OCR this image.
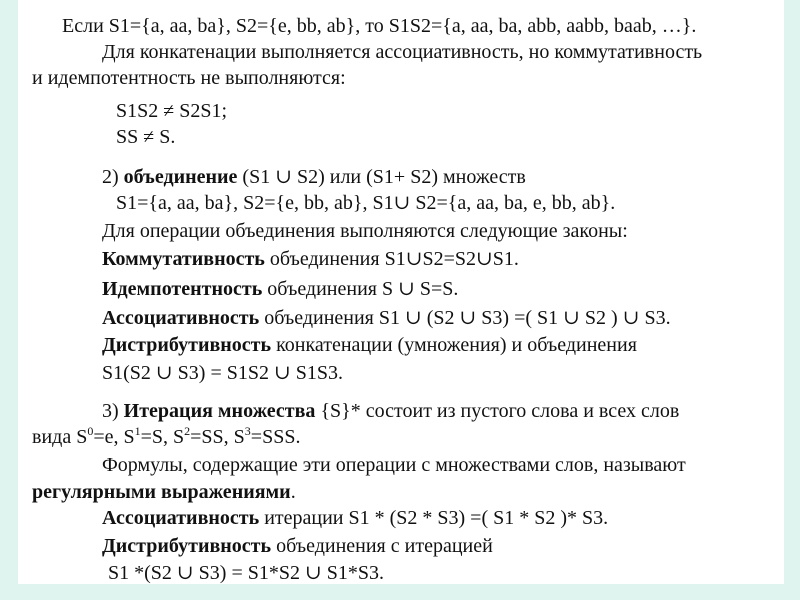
Если S1={a, aa, ba}, S2={e, bb, ab}, то S1S2={a, aa, ba, abb, aabb, baab, …}.
Для конкатенации выполняется ассоциативность, но коммутативность
и идемпотентность не выполняются:
S1S2 ≠ S2S1;
SS ≠ S.
2) объединение (S1 ∪ S2) или (S1+ S2) множеств
S1={a, aa, ba}, S2={e, bb, ab}, S1∪ S2={a, aa, ba, e, bb, ab}.
Для операции объединения выполняются следующие законы:
Коммутативность объединения S1∪S2=S2∪S1.
Идемпотентность объединения S ∪ S=S.
Ассоциативность объединения S1 ∪ (S2 ∪ S3) =( S1 ∪ S2 ) ∪ S3.
Дистрибутивность конкатенации (умножения) и объединения
S1(S2 ∪ S3) = S1S2 ∪ S1S3.
3) Итерация множества {S}* состоит из пустого слова и всех слов
вида $S^0=e$, $S^1=S$, $S^2=SS$, $S^3=SSS$.
Формулы, содержащие эти операции с множествами слов, называют
регулярными выражениями.
Ассоциативность итерации S1 * (S2 * S3) =( S1 * S2 )* S3.
Дистрибутивность объединения с итерацией
S1 *(S2 ∪ S3) = S1*S2 ∪ S1*S3.
